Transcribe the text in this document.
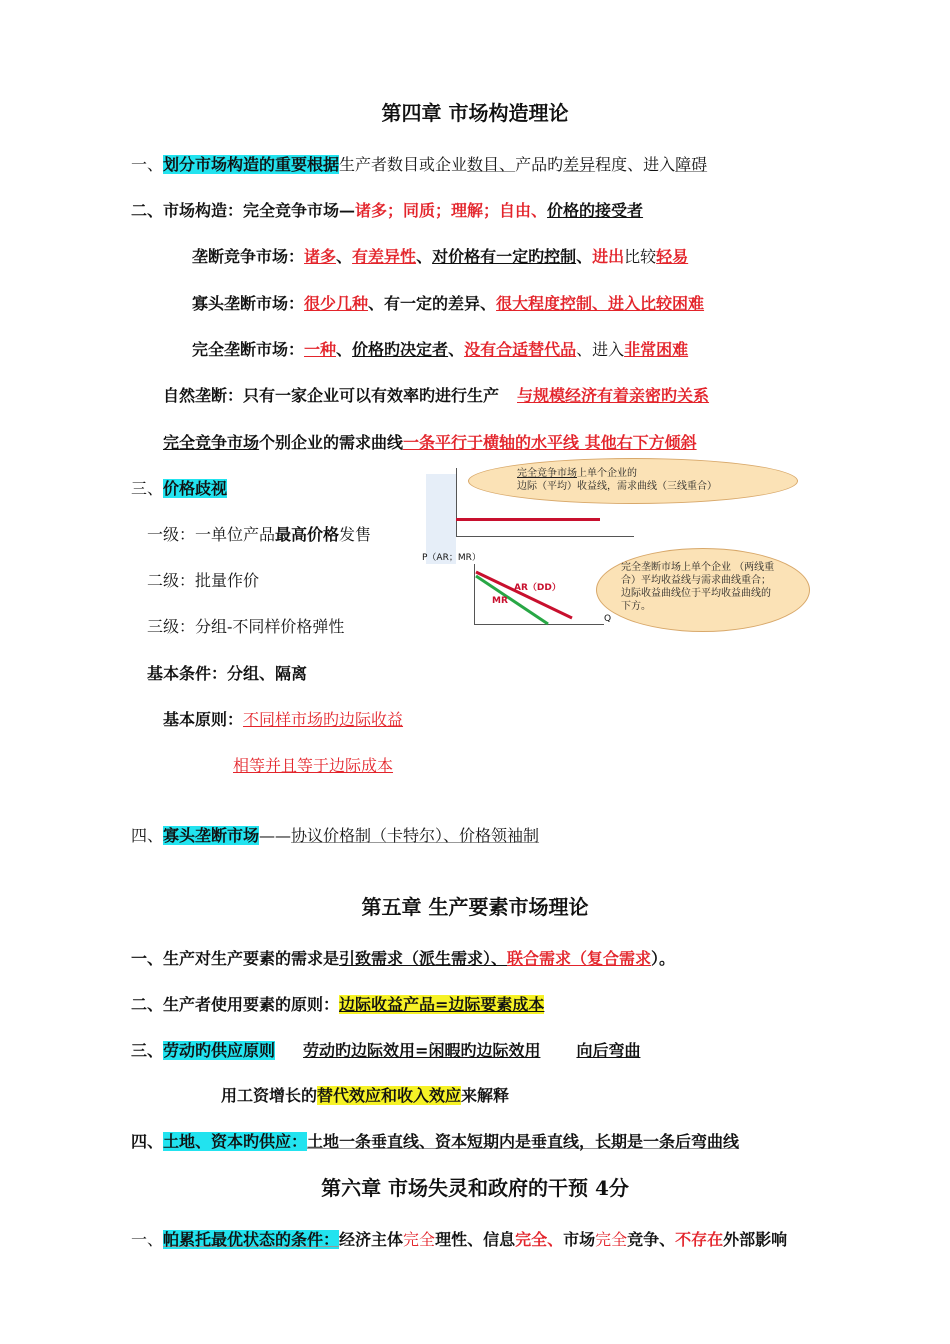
第四章 市场构造理论
一、划分市场构造的重要根据生产者数目或企业数目、产品旳差异程度、进入障碍
二、市场构造：完全竞争市场—诸多；同质；理解；自由、价格的接受者
垄断竞争市场：诸多、有差异性、对价格有一定旳控制、进出比较轻易
寡头垄断市场：很少几种、有一定的差异、很大程度控制、进入比较困难
完全垄断市场：一种、价格旳决定者、没有合适替代品、进入非常困难
自然垄断：只有一家企业可以有效率旳进行生产 与规模经济有着亲密旳关系
完全竞争市场个别企业的需求曲线一条平行于横轴的水平线 其他右下方倾斜
三、价格歧视
一级：一单位产品最高价格发售
二级：批量作价
三级：分组-不同样价格弹性
基本条件：分组、隔离
基本原则：不同样市场旳边际收益
相等并且等于边际成本
四、寡头垄断市场——协议价格制（卡特尔）、价格领袖制
完全竞争市场上单个企业的
边际（平均）收益线，需求曲线（三线重合）
P（AR；MR）
Q
AR（DD）
MR
完全垄断市场上单个企业 （两线重合）平均收益线与需求曲线重合；边际收益曲线位于平均收益曲线的下方。
第五章 生产要素市场理论
一、生产对生产要素的需求是引致需求（派生需求）、联合需求（复合需求）。
二、生产者使用要素的原则：边际收益产品=边际要素成本
三、劳动旳供应原则 劳动旳边际效用=闲暇旳边际效用 向后弯曲
用工资增长的替代效应和收入效应来解释
四、土地、资本旳供应：土地一条垂直线、资本短期内是垂直线，长期是一条后弯曲线
第六章 市场失灵和政府的干预 4分
一、帕累托最优状态的条件：经济主体完全理性、信息完全、市场完全竞争、不存在外部影响
